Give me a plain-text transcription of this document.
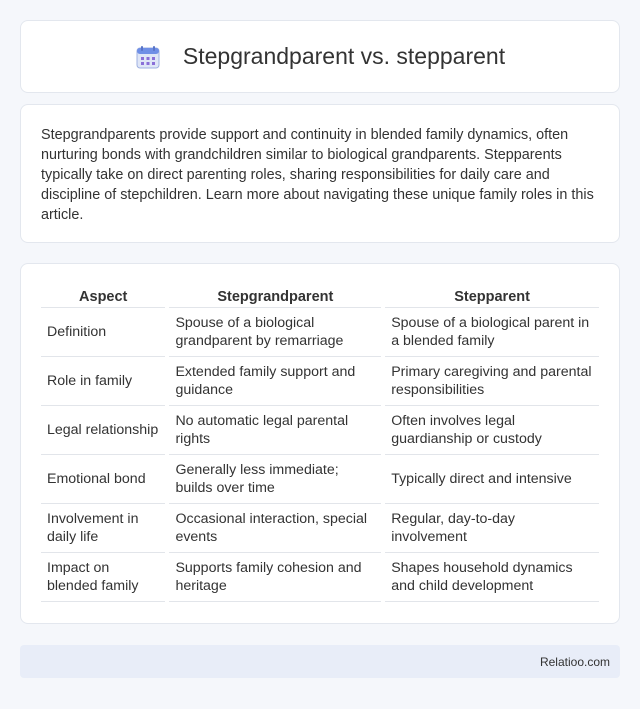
Stepgrandparent vs. stepparent

Stepgrandparents provide support and continuity in blended family dynamics, often nurturing bonds with grandchildren similar to biological grandparents. Stepparents typically take on direct parenting roles, sharing responsibilities for daily care and discipline of stepchildren. Learn more about navigating these unique family roles in this article.

Aspect	Stepgrandparent	Stepparent
Definition	Spouse of a biological grandparent by remarriage	Spouse of a biological parent in a blended family
Role in family	Extended family support and guidance	Primary caregiving and parental responsibilities
Legal relationship	No automatic legal parental rights	Often involves legal guardianship or custody
Emotional bond	Generally less immediate; builds over time	Typically direct and intensive
Involvement in daily life	Occasional interaction, special events	Regular, day-to-day involvement
Impact on blended family	Supports family cohesion and heritage	Shapes household dynamics and child development
Relatioo.com
